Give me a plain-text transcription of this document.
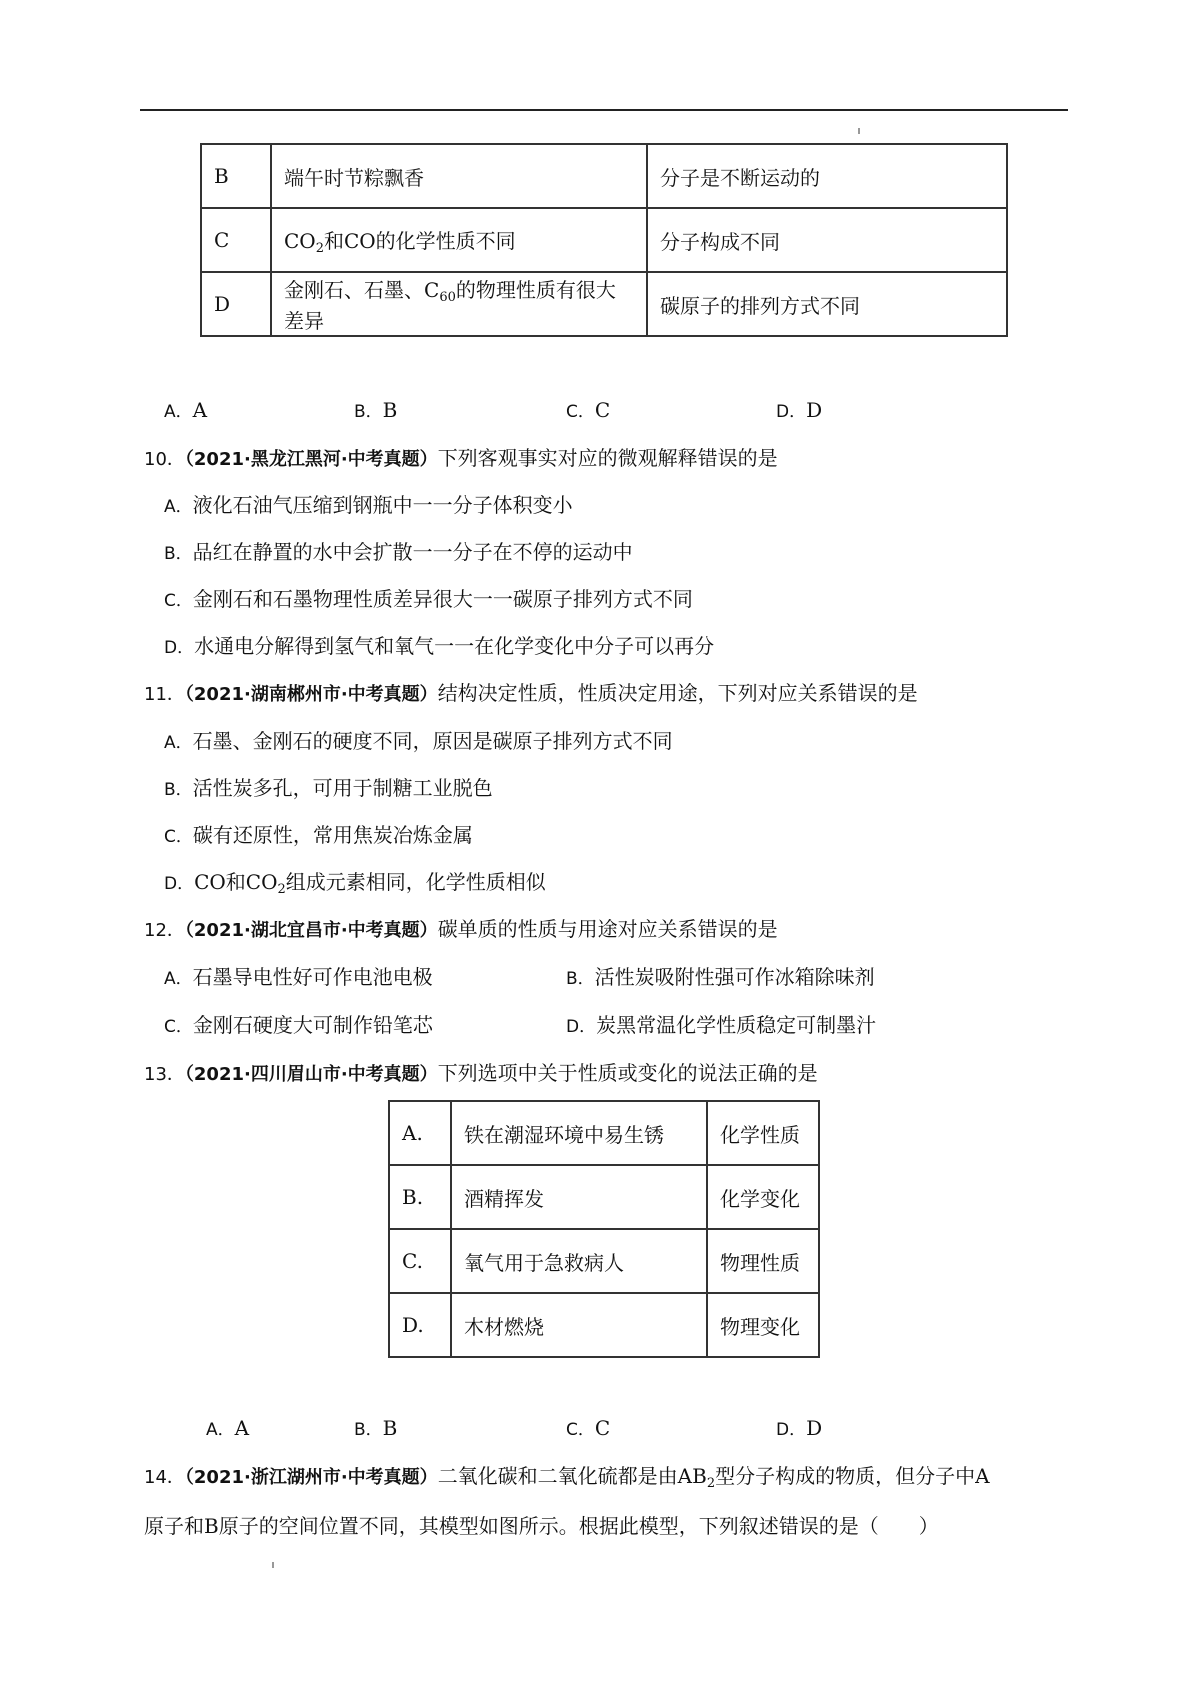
B	端午时节粽飘香	分子是不断运动的
C	$CO_2$和CO的化学性质不同	分子构成不同
D	金刚石、石墨、$C_{60}$的物理性质有很大差异	碳原子的排列方式不同
A．A	B．B	C．C	D．D
10．（2021·黑龙江黑河·中考真题）下列客观事实对应的微观解释错误的是
A．液化石油气压缩到钢瓶中一一分子体积变小
B．品红在静置的水中会扩散一一分子在不停的运动中
C．金刚石和石墨物理性质差异很大一一碳原子排列方式不同
D．水通电分解得到氢气和氧气一一在化学变化中分子可以再分
11．（2021·湖南郴州市·中考真题）结构决定性质，性质决定用途，下列对应关系错误的是
A．石墨、金刚石的硬度不同，原因是碳原子排列方式不同
B．活性炭多孔，可用于制糖工业脱色
C．碳有还原性，常用焦炭冶炼金属
D．CO和$CO_2$组成元素相同，化学性质相似
12．（2021·湖北宜昌市·中考真题）碳单质的性质与用途对应关系错误的是
A．石墨导电性好可作电池电极	B．活性炭吸附性强可作冰箱除味剂
C．金刚石硬度大可制作铅笔芯	D．炭黑常温化学性质稳定可制墨汁
13．（2021·四川眉山市·中考真题）下列选项中关于性质或变化的说法正确的是
A.	铁在潮湿环境中易生锈	化学性质
B.	酒精挥发	化学变化
C.	氧气用于急救病人	物理性质
D.	木材燃烧	物理变化
A．A	B．B	C．C	D．D
14．（2021·浙江湖州市·中考真题）二氧化碳和二氧化硫都是由$AB_2$型分子构成的物质，但分子中A
原子和B原子的空间位置不同，其模型如图所示。根据此模型，下列叙述错误的是（　　）
